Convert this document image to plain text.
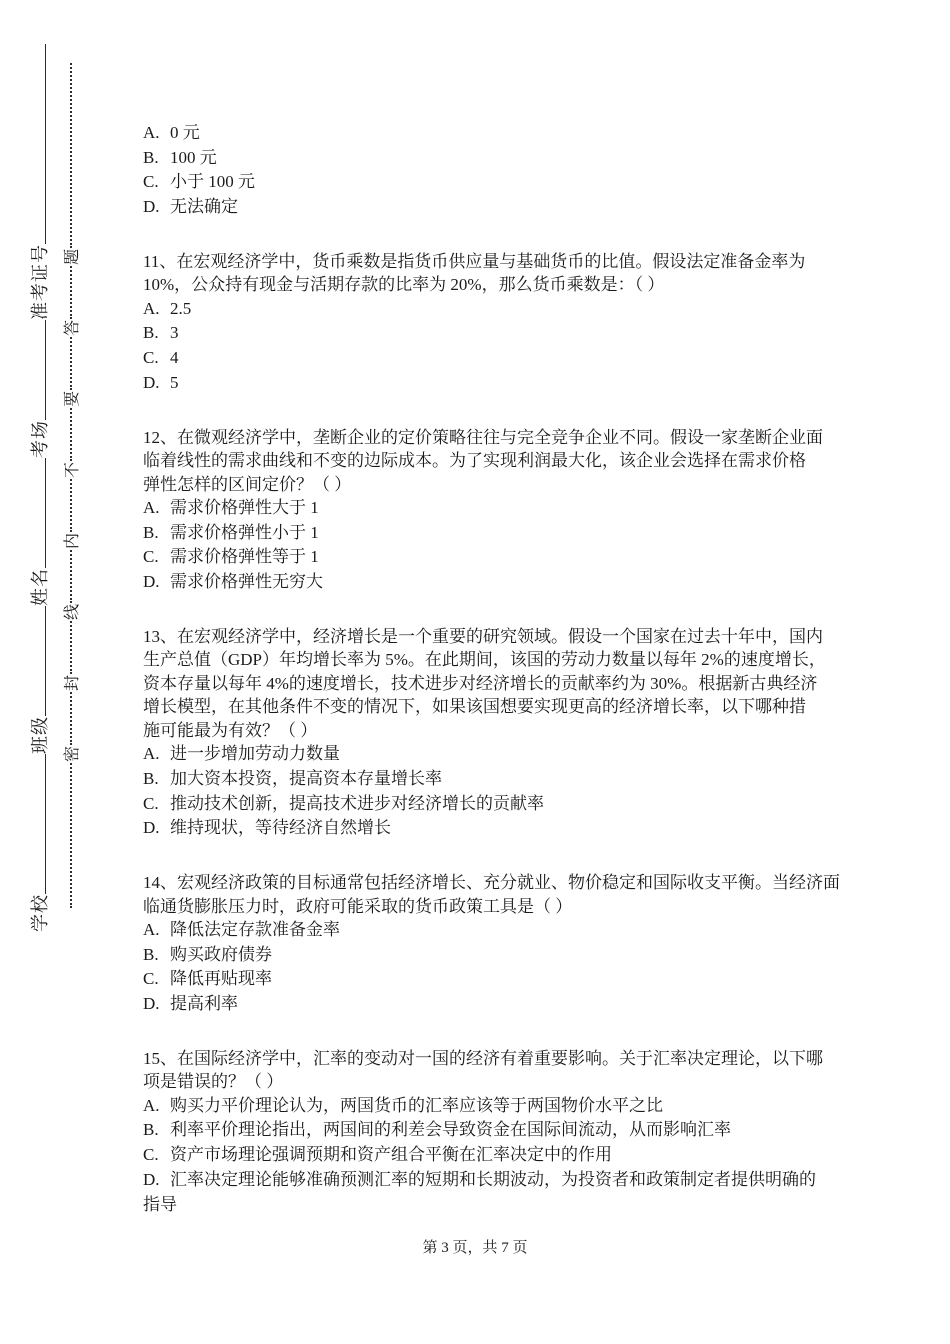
学校班级姓名考场准考证号
密封线内不要答题
A. 0 元
B. 100 元
C. 小于 100 元
D. 无法确定
11、在宏观经济学中，货币乘数是指货币供应量与基础货币的比值。假设法定准备金率为
10%，公众持有现金与活期存款的比率为 20%，那么货币乘数是：（ ）
A. 2.5
B. 3
C. 4
D. 5
12、在微观经济学中，垄断企业的定价策略往往与完全竞争企业不同。假设一家垄断企业面
临着线性的需求曲线和不变的边际成本。为了实现利润最大化，该企业会选择在需求价格
弹性怎样的区间定价？（ ）
A. 需求价格弹性大于 1
B. 需求价格弹性小于 1
C. 需求价格弹性等于 1
D. 需求价格弹性无穷大
13、在宏观经济学中，经济增长是一个重要的研究领域。假设一个国家在过去十年中，国内
生产总值（GDP）年均增长率为 5%。在此期间，该国的劳动力数量以每年 2%的速度增长，
资本存量以每年 4%的速度增长，技术进步对经济增长的贡献率约为 30%。根据新古典经济
增长模型，在其他条件不变的情况下，如果该国想要实现更高的经济增长率，以下哪种措
施可能最为有效？（ ）
A. 进一步增加劳动力数量
B. 加大资本投资，提高资本存量增长率
C. 推动技术创新，提高技术进步对经济增长的贡献率
D. 维持现状，等待经济自然增长
14、宏观经济政策的目标通常包括经济增长、充分就业、物价稳定和国际收支平衡。当经济面
临通货膨胀压力时，政府可能采取的货币政策工具是（ ）
A. 降低法定存款准备金率
B. 购买政府债券
C. 降低再贴现率
D. 提高利率
15、在国际经济学中，汇率的变动对一国的经济有着重要影响。关于汇率决定理论，以下哪
项是错误的？（ ）
A. 购买力平价理论认为，两国货币的汇率应该等于两国物价水平之比
B. 利率平价理论指出，两国间的利差会导致资金在国际间流动，从而影响汇率
C. 资产市场理论强调预期和资产组合平衡在汇率决定中的作用
D. 汇率决定理论能够准确预测汇率的短期和长期波动，为投资者和政策制定者提供明确的
指导
第 3 页，共 7 页
